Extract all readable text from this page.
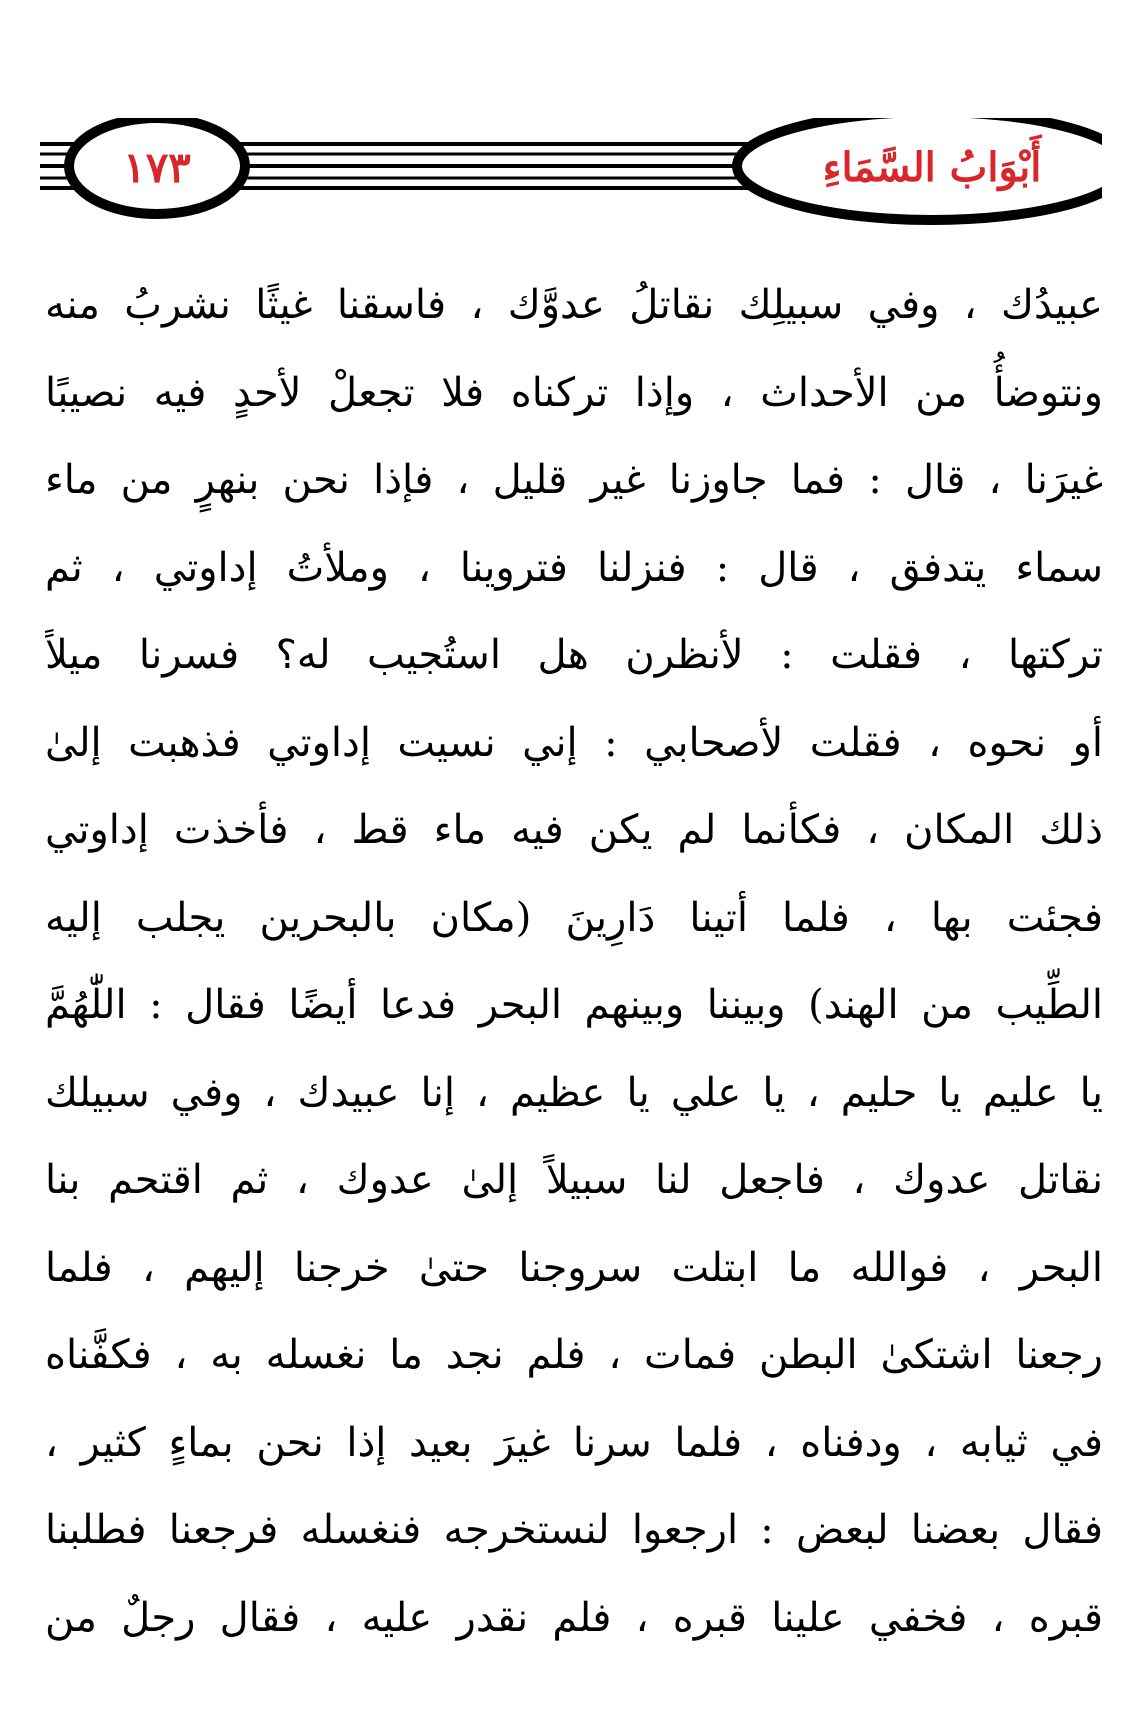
أَبْوَابُ السَّمَاءِ
١٧٣
عبيدُك ، وفي سبيلِك نقاتلُ عدوَّك ، فاسقنا غيثًا نشربُ منه
ونتوضأُ من الأحداث ، وإذا تركناه فلا تجعلْ لأحدٍ فيه نصيبًا
غيرَنا ، قال : فما جاوزنا غير قليل ، فإذا نحن بنهرٍ من ماء
سماء يتدفق ، قال : فنزلنا فتروينا ، وملأتُ إداوتي ، ثم
تركتها ، فقلت : لأنظرن هل استُجيب له؟ فسرنا ميلاً
أو نحوه ، فقلت لأصحابي : إني نسيت إداوتي فذهبت إلىٰ
ذلك المكان ، فكأنما لم يكن فيه ماء قط ، فأخذت إداوتي
فجئت بها ، فلما أتينا دَارِينَ (مكان بالبحرين يجلب إليه
الطِّيب من الهند) وبيننا وبينهم البحر فدعا أيضًا فقال : اللّٰهُمَّ
يا عليم يا حليم ، يا علي يا عظيم ، إنا عبيدك ، وفي سبيلك
نقاتل عدوك ، فاجعل لنا سبيلاً إلىٰ عدوك ، ثم اقتحم بنا
البحر ، فوالله ما ابتلت سروجنا حتىٰ خرجنا إليهم ، فلما
رجعنا اشتكىٰ البطن فمات ، فلم نجد ما نغسله به ، فكفَّناه
في ثيابه ، ودفناه ، فلما سرنا غيرَ بعيد إذا نحن بماءٍ كثير ،
فقال بعضنا لبعض : ارجعوا لنستخرجه فنغسله فرجعنا فطلبنا
قبره ، فخفي علينا قبره ، فلم نقدر عليه ، فقال رجلٌ من
